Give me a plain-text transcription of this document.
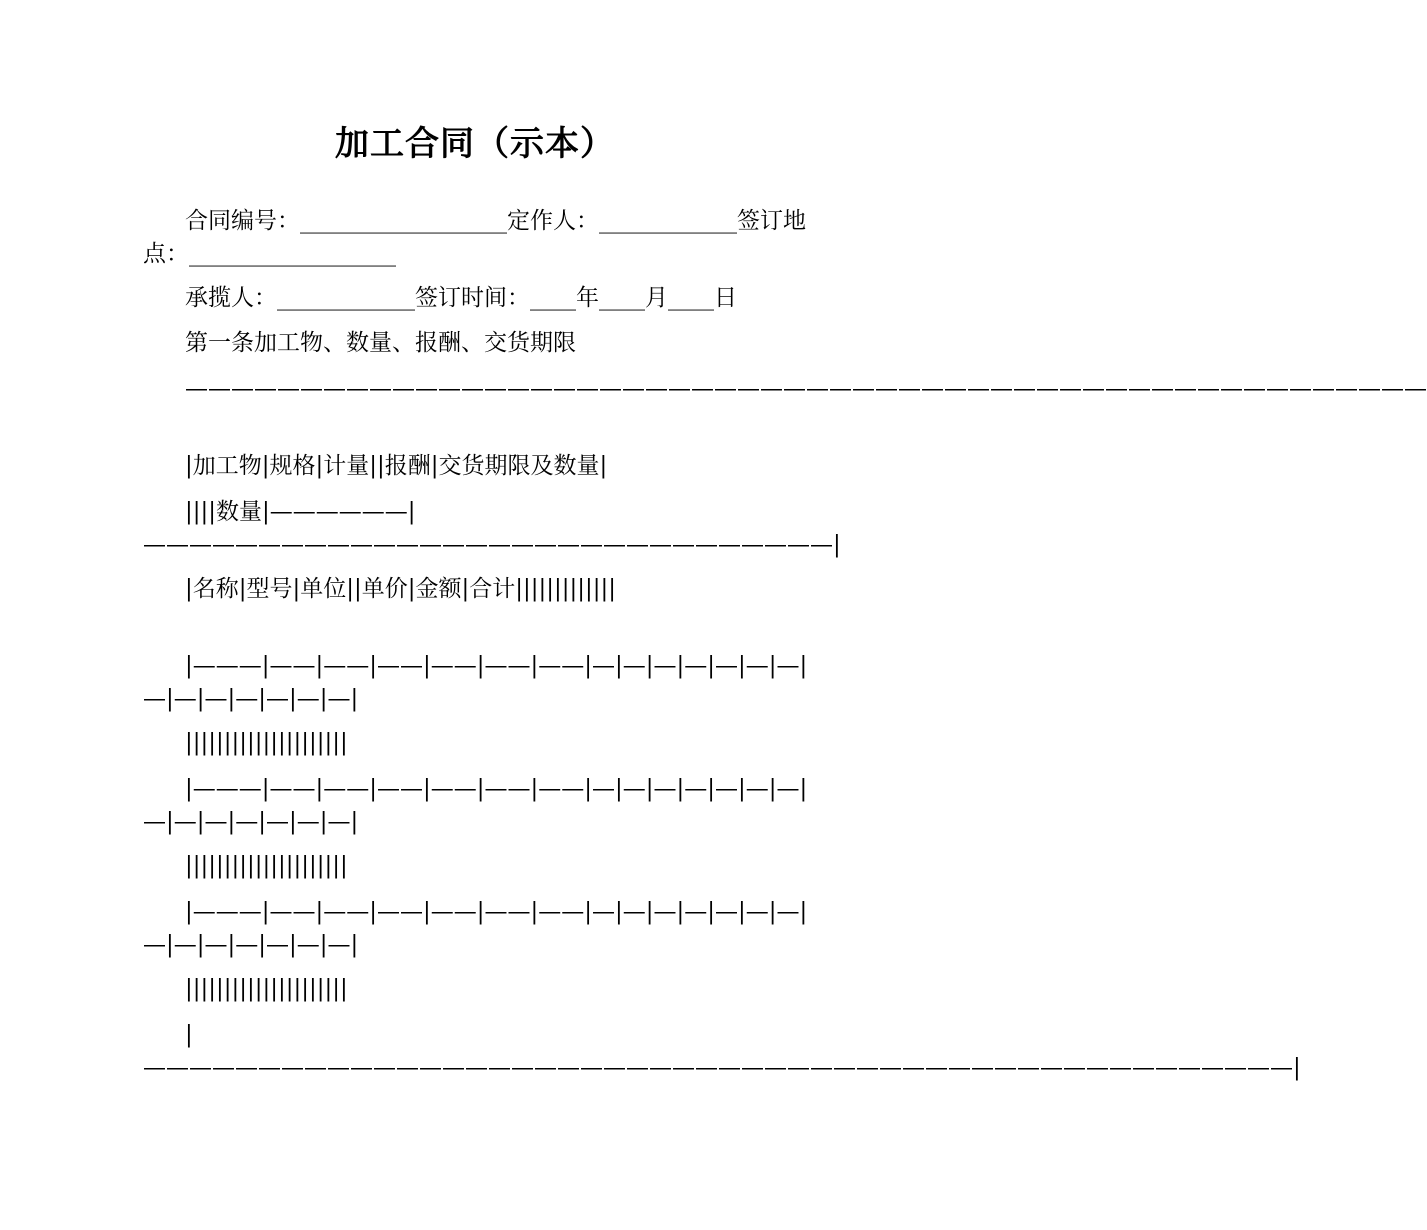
加工合同（示本）

合同编号：__________________定作人：____________签订地点：__________________

承揽人：____________签订时间：____年____月____日

第一条加工物、数量、报酬、交货期限

——————————————————————————————————————————————————————

|加工物|规格|计量||报酬|交货期限及数量|

||||数量|——————|——————————————————————————————|

|名称|型号|单位||单价|金额|合计|||||||||||||

|———|——|——|——|——|——|——|—|—|—|—|—|—|—|—|—|—|—|—|—|—|

|||||||||||||||||||||

|———|——|——|——|——|——|——|—|—|—|—|—|—|—|—|—|—|—|—|—|—|

|||||||||||||||||||||

|———|——|——|——|——|——|——|—|—|—|—|—|—|—|—|—|—|—|—|—|—|

|||||||||||||||||||||

|——————————————————————————————————————————————————|
